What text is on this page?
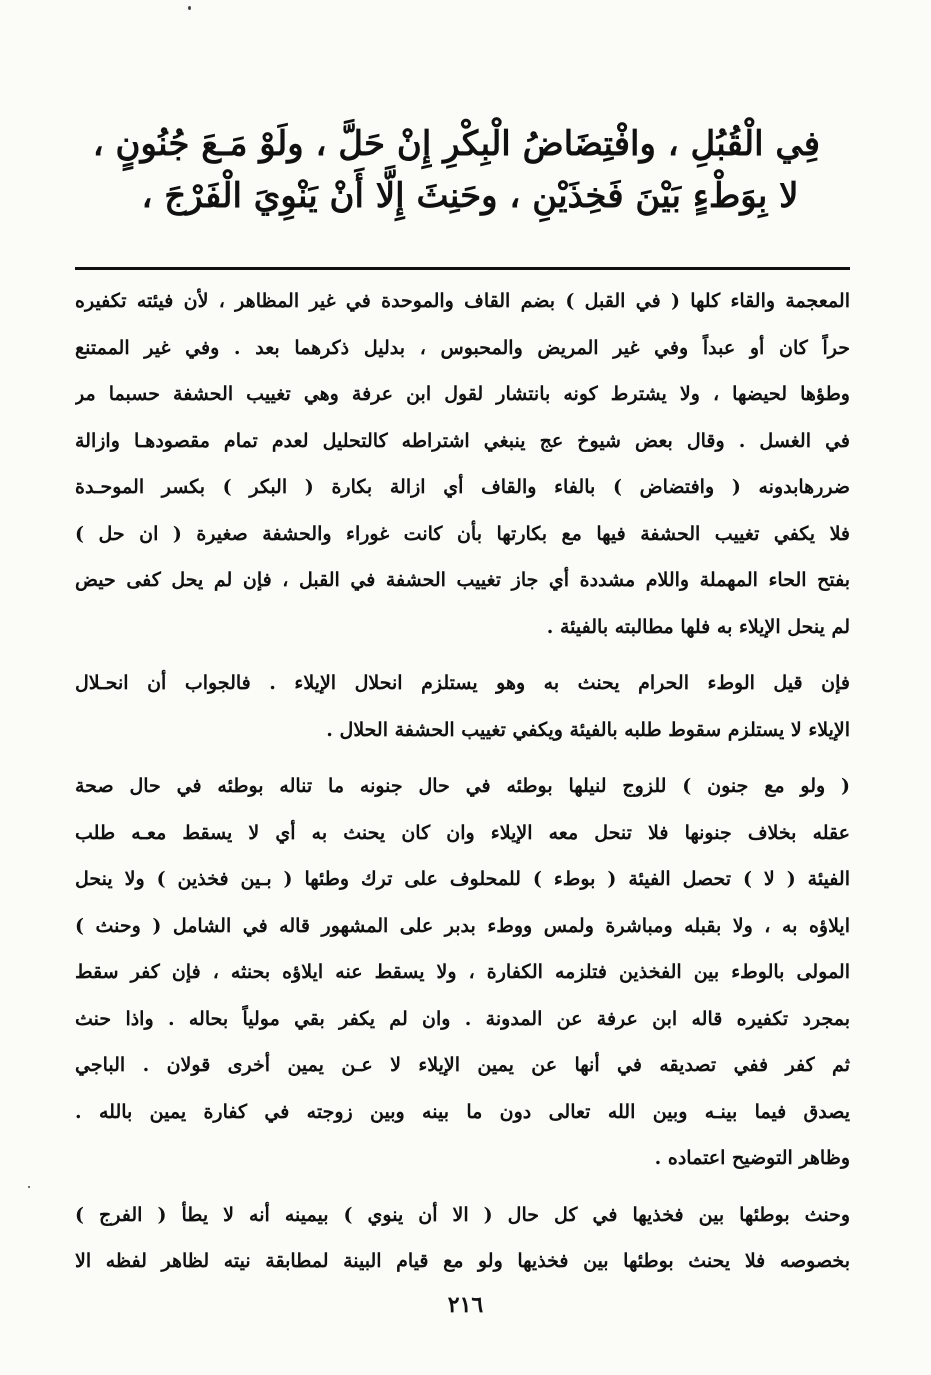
فِي الْقُبُلِ ، وافْتِضَاضُ الْبِكْرِ إِنْ حَلَّ ، ولَوْ مَـعَ جُنُونٍ ،
لا بِوَطْءٍ بَيْنَ فَخِذَيْنِ ، وحَنِثَ إِلَّا أَنْ يَنْوِيَ الْفَرْجَ ،
المعجمة والقاء كلها ( في القبل ) بضم القاف والموحدة في غير المظاهر ، لأن فيئته تكفيره
حراً كان أو عبداً وفي غير المريض والمحبوس ، بدليل ذكرهما بعد . وفي غير الممتنع
وطؤها لحيضها ، ولا يشترط كونه بانتشار لقول ابن عرفة وهي تغييب الحشفة حسبما مر
في الغسل . وقال بعض شيوخ عج ينبغي اشتراطه كالتحليل لعدم تمام مقصودهـا وازالة
ضررهابدونه ( وافتضاض ) بالفاء والقاف أي ازالة بكارة ( البكر ) بكسر الموحـدة
فلا يكفي تغييب الحشفة فيها مع بكارتها بأن كانت غوراء والحشفة صغيرة ( ان حل )
بفتح الحاء المهملة واللام مشددة أي جاز تغييب الحشفة في القبل ، فإن لم يحل كفى حيض
لم ينحل الإيلاء به فلها مطالبته بالفيئة .
فإن قيل الوطء الحرام يحنث به وهو يستلزم انحلال الإيلاء . فالجواب أن انحـلال
الإيلاء لا يستلزم سقوط طلبه بالفيئة ويكفي تغييب الحشفة الحلال .
( ولو مع جنون ) للزوج لنيلها بوطئه في حال جنونه ما تناله بوطئه في حال صحة
عقله بخلاف جنونها فلا تنحل معه الإيلاء وان كان يحنث به أي لا يسقط معـه طلب
الفيئة ( لا ) تحصل الفيئة ( بوطء ) للمحلوف على ترك وطئها ( بـين فخذين ) ولا ينحل
ايلاؤه به ، ولا بقبله ومباشرة ولمس ووطء بدبر على المشهور قاله في الشامل ( وحنث )
المولى بالوطء بين الفخذين فتلزمه الكفارة ، ولا يسقط عنه ايلاؤه بحنثه ، فإن كفر سقط
بمجرد تكفيره قاله ابن عرفة عن المدونة . وان لم يكفر بقي مولياً بحاله . واذا حنث
ثم كفر ففي تصديقه في أنها عن يمين الإيلاء لا عـن يمين أخرى قولان . الباجي
يصدق فيما بينـه وبين الله تعالى دون ما بينه وبين زوجته في كفارة يمين بالله .
وظاهر التوضيح اعتماده .
وحنث بوطئها بين فخذيها في كل حال ( الا أن ينوي ) بيمينه أنه لا يطأ ( الفرج )
بخصوصه فلا يحنث بوطئها بين فخذيها ولو مع قيام البينة لمطابقة نيته لظاهر لفظه الا
٢١٦
